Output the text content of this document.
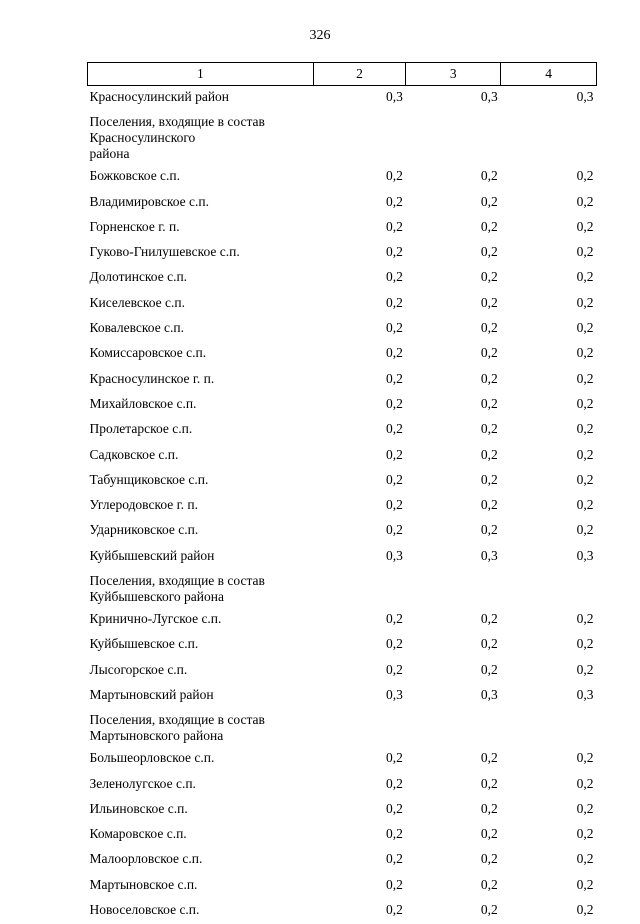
326
1	2	3	4
Красносулинский район	0,3	0,3	0,3
Поселения, входящие в состав
Красносулинского
района			
Божковское с.п.	0,2	0,2	0,2
Владимировское с.п.	0,2	0,2	0,2
Горненское г. п.	0,2	0,2	0,2
Гуково-Гнилушевское с.п.	0,2	0,2	0,2
Долотинское с.п.	0,2	0,2	0,2
Киселевское с.п.	0,2	0,2	0,2
Ковалевское с.п.	0,2	0,2	0,2
Комиссаровское с.п.	0,2	0,2	0,2
Красносулинское г. п.	0,2	0,2	0,2
Михайловское с.п.	0,2	0,2	0,2
Пролетарское с.п.	0,2	0,2	0,2
Садковское с.п.	0,2	0,2	0,2
Табунщиковское с.п.	0,2	0,2	0,2
Углеродовское г. п.	0,2	0,2	0,2
Ударниковское с.п.	0,2	0,2	0,2
Куйбышевский район	0,3	0,3	0,3
Поселения, входящие в состав
Куйбышевского района			
Кринично-Лугское с.п.	0,2	0,2	0,2
Куйбышевское с.п.	0,2	0,2	0,2
Лысогорское с.п.	0,2	0,2	0,2
Мартыновский район	0,3	0,3	0,3
Поселения, входящие в состав
Мартыновского района			
Большеорловское с.п.	0,2	0,2	0,2
Зеленолугское с.п.	0,2	0,2	0,2
Ильиновское с.п.	0,2	0,2	0,2
Комаровское с.п.	0,2	0,2	0,2
Малоорловское с.п.	0,2	0,2	0,2
Мартыновское с.п.	0,2	0,2	0,2
Новоселовское с.п.	0,2	0,2	0,2
